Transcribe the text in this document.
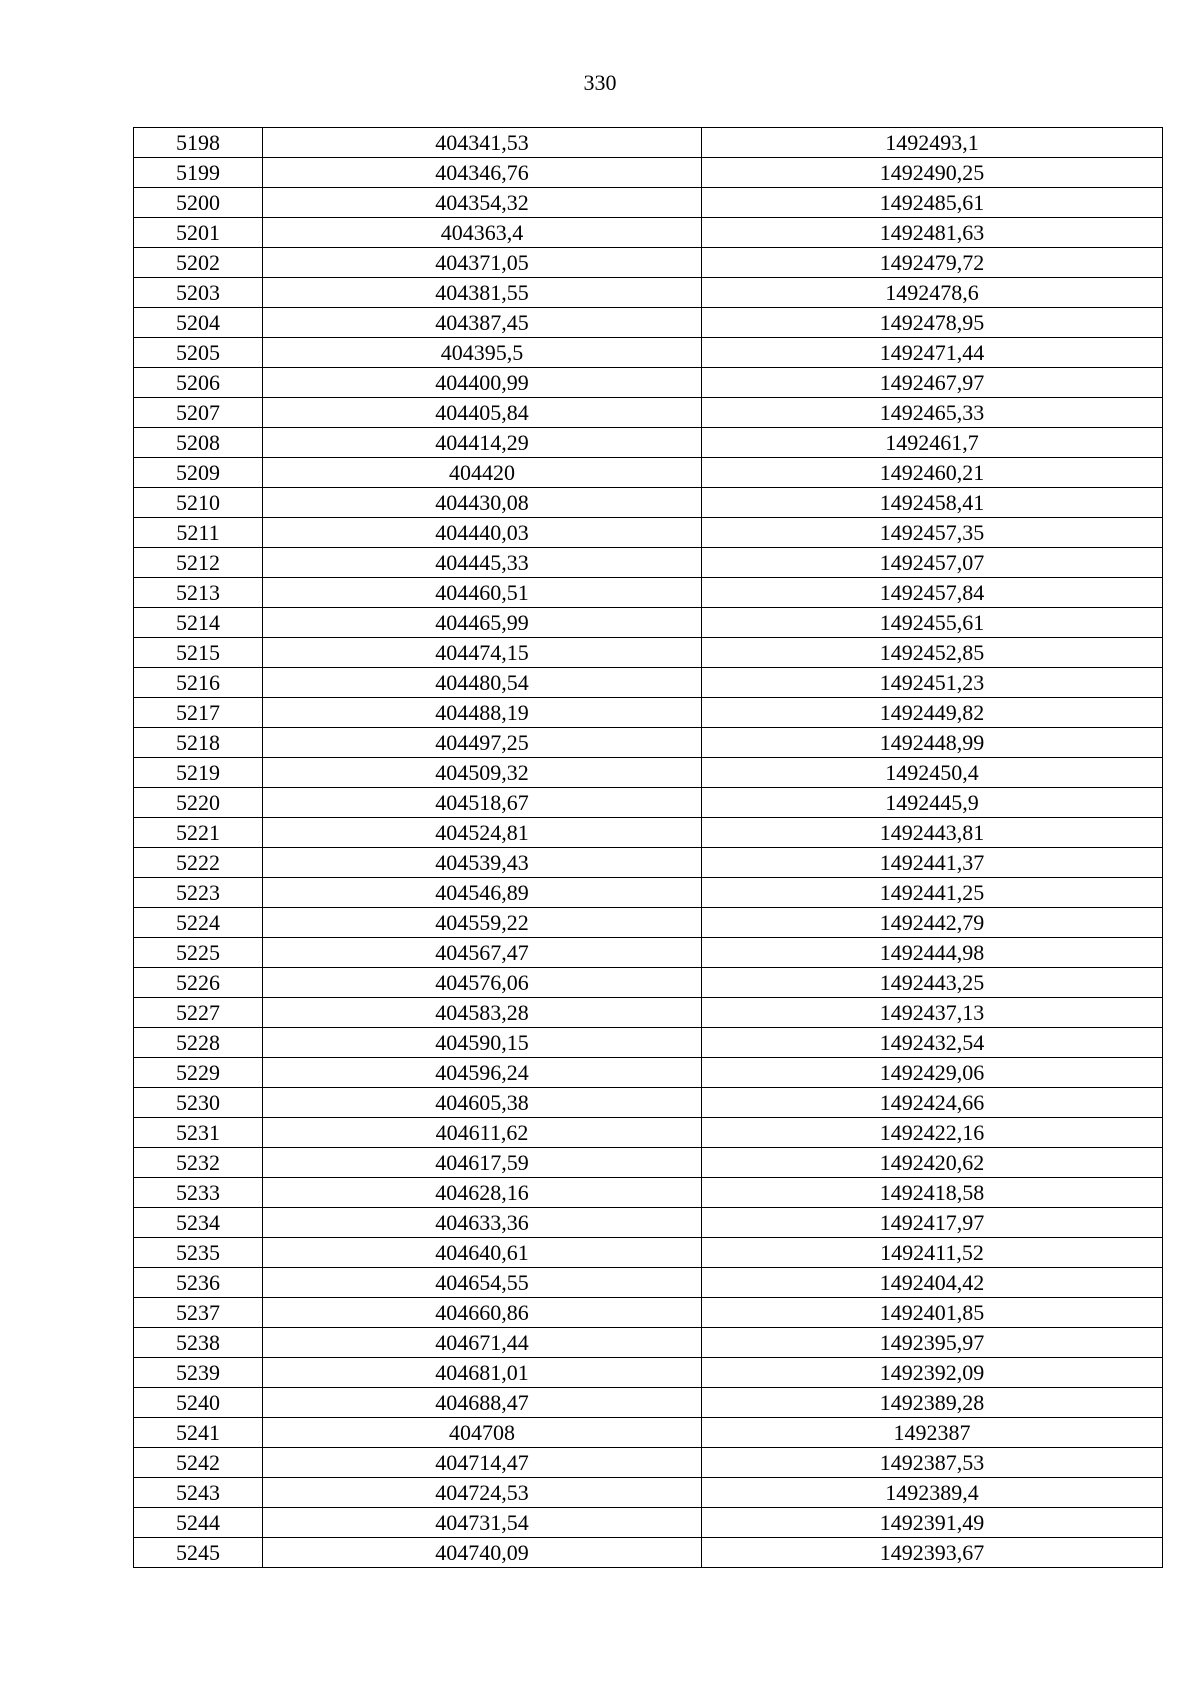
330
5198	404341,53	1492493,1
5199	404346,76	1492490,25
5200	404354,32	1492485,61
5201	404363,4	1492481,63
5202	404371,05	1492479,72
5203	404381,55	1492478,6
5204	404387,45	1492478,95
5205	404395,5	1492471,44
5206	404400,99	1492467,97
5207	404405,84	1492465,33
5208	404414,29	1492461,7
5209	404420	1492460,21
5210	404430,08	1492458,41
5211	404440,03	1492457,35
5212	404445,33	1492457,07
5213	404460,51	1492457,84
5214	404465,99	1492455,61
5215	404474,15	1492452,85
5216	404480,54	1492451,23
5217	404488,19	1492449,82
5218	404497,25	1492448,99
5219	404509,32	1492450,4
5220	404518,67	1492445,9
5221	404524,81	1492443,81
5222	404539,43	1492441,37
5223	404546,89	1492441,25
5224	404559,22	1492442,79
5225	404567,47	1492444,98
5226	404576,06	1492443,25
5227	404583,28	1492437,13
5228	404590,15	1492432,54
5229	404596,24	1492429,06
5230	404605,38	1492424,66
5231	404611,62	1492422,16
5232	404617,59	1492420,62
5233	404628,16	1492418,58
5234	404633,36	1492417,97
5235	404640,61	1492411,52
5236	404654,55	1492404,42
5237	404660,86	1492401,85
5238	404671,44	1492395,97
5239	404681,01	1492392,09
5240	404688,47	1492389,28
5241	404708	1492387
5242	404714,47	1492387,53
5243	404724,53	1492389,4
5244	404731,54	1492391,49
5245	404740,09	1492393,67
